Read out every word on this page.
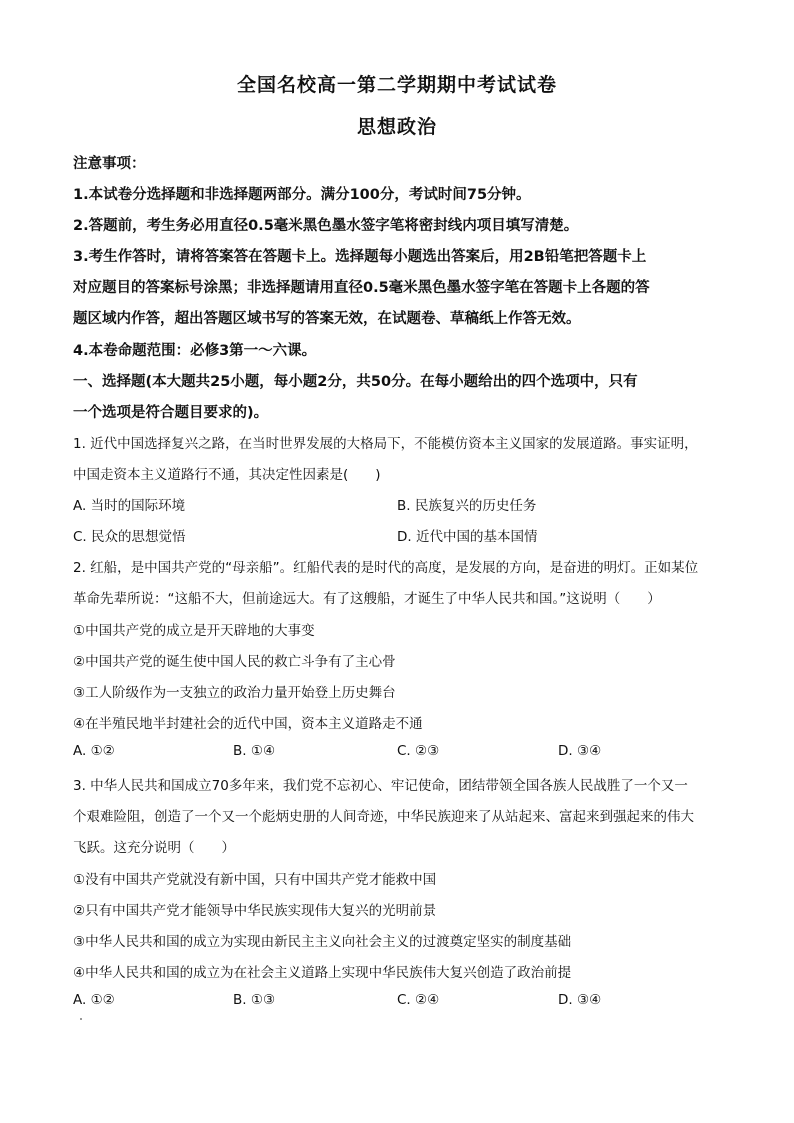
全国名校高一第二学期期中考试试卷
思想政治
注意事项：
1.本试卷分选择题和非选择题两部分。满分100分，考试时间75分钟。
2.答题前，考生务必用直径0.5毫米黑色墨水签字笔将密封线内项目填写清楚。
3.考生作答时，请将答案答在答题卡上。选择题每小题选出答案后，用2B铅笔把答题卡上
对应题目的答案标号涂黑；非选择题请用直径0.5毫米黑色墨水签字笔在答题卡上各题的答
题区域内作答，超出答题区域书写的答案无效，在试题卷、草稿纸上作答无效。
4.本卷命题范围：必修3第一～六课。
一、选择题(本大题共25小题，每小题2分，共50分。在每小题给出的四个选项中，只有
一个选项是符合题目要求的)。
1. 近代中国选择复兴之路，在当时世界发展的大格局下，不能模仿资本主义国家的发展道路。事实证明，
中国走资本主义道路行不通，其决定性因素是(　　)
A. 当时的国际环境	B. 民族复兴的历史任务
C. 民众的思想觉悟	D. 近代中国的基本国情
2. 红船，是中国共产党的“母亲船”。红船代表的是时代的高度，是发展的方向，是奋进的明灯。正如某位
革命先辈所说：“这船不大，但前途远大。有了这艘船，才诞生了中华人民共和国。”这说明（　　）
①中国共产党的成立是开天辟地的大事变
②中国共产党的诞生使中国人民的救亡斗争有了主心骨
③工人阶级作为一支独立的政治力量开始登上历史舞台
④在半殖民地半封建社会的近代中国，资本主义道路走不通
A. ①②	B. ①④	C. ②③	D. ③④
3. 中华人民共和国成立70多年来，我们党不忘初心、牢记使命，团结带领全国各族人民战胜了一个又一
个艰难险阻，创造了一个又一个彪炳史册的人间奇迹，中华民族迎来了从站起来、富起来到强起来的伟大
飞跃。这充分说明（　　）
①没有中国共产党就没有新中国，只有中国共产党才能救中国
②只有中国共产党才能领导中华民族实现伟大复兴的光明前景
③中华人民共和国的成立为实现由新民主主义向社会主义的过渡奠定坚实的制度基础
④中华人民共和国的成立为在社会主义道路上实现中华民族伟大复兴创造了政治前提
A. ①②	B. ①③	C. ②④	D. ③④
